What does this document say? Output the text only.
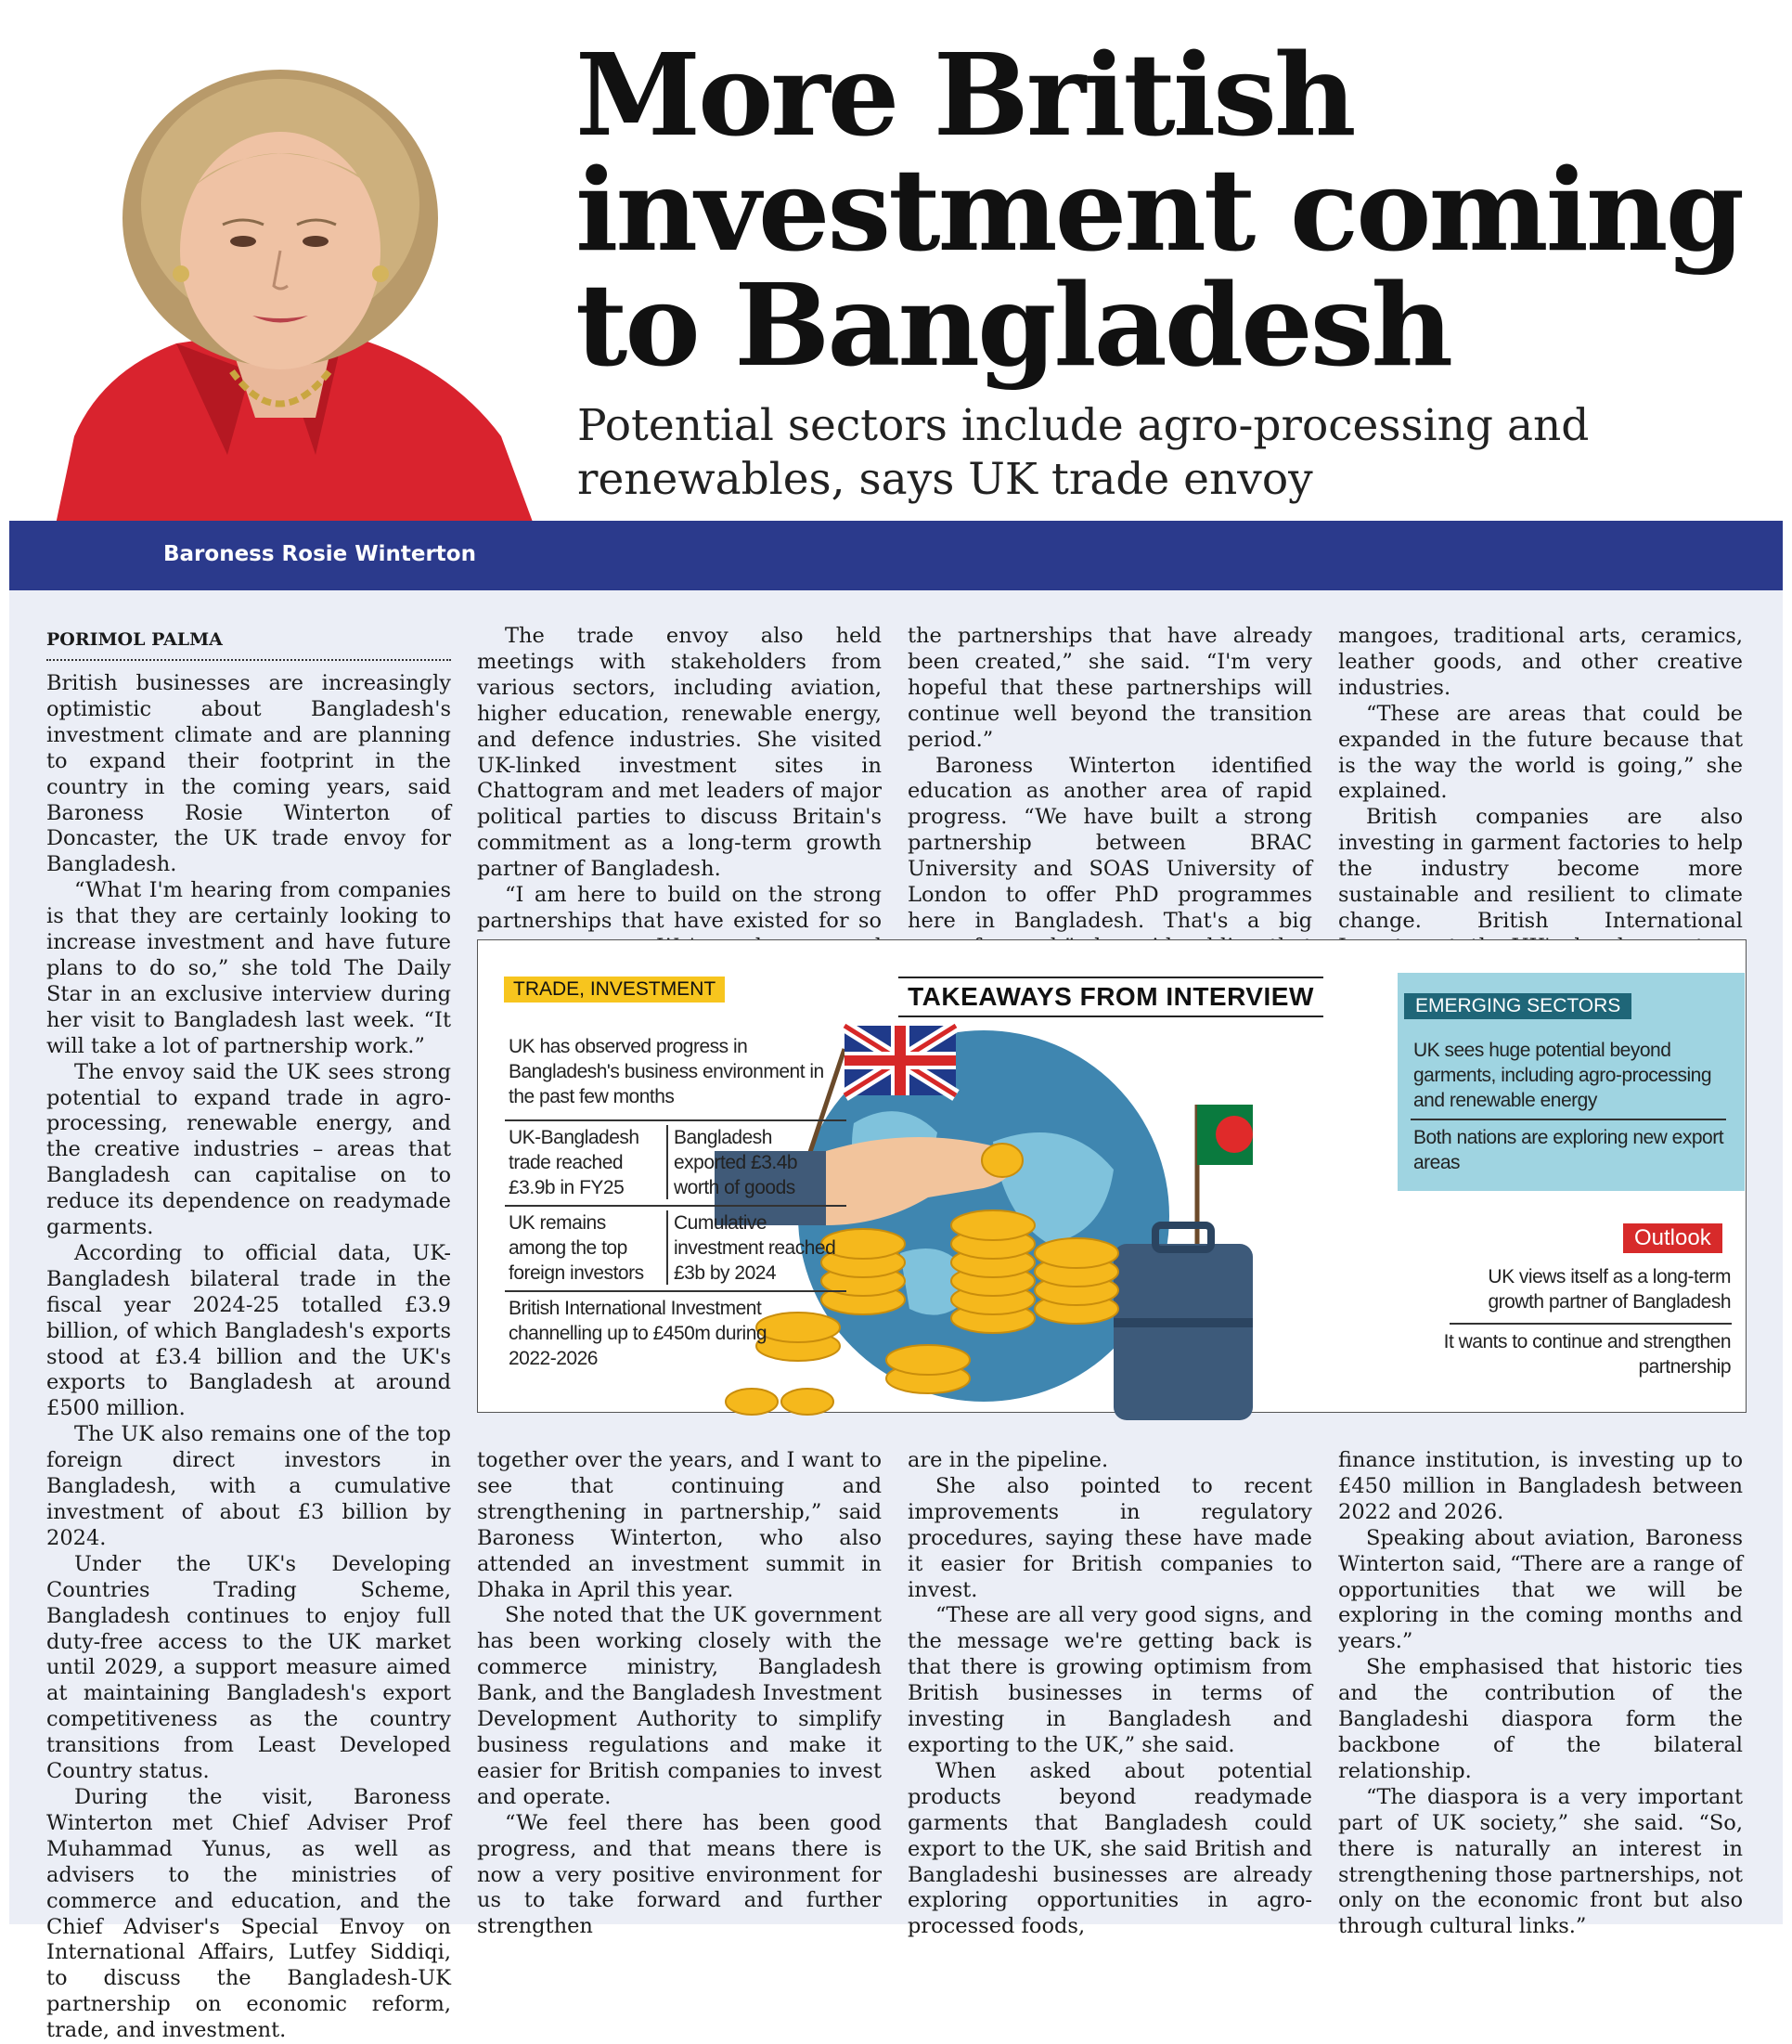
More British investment coming to Bangladesh
Potential sectors include agro-processing and renewables, says UK trade envoy
Baroness Rosie Winterton
PORIMOL PALMA

British businesses are increasingly optimistic about Bangladesh's investment climate and are planning to expand their footprint in the country in the coming years, said Baroness Rosie Winterton of Doncaster, the UK trade envoy for Bangladesh.

“What I'm hearing from companies is that they are certainly looking to increase investment and have future plans to do so,” she told The Daily Star in an exclusive interview during her visit to Bangladesh last week. “It will take a lot of partnership work.”

The envoy said the UK sees strong potential to expand trade in agro-processing, renewable energy, and the creative industries – areas that Bangladesh can capitalise on to reduce its dependence on readymade garments.

According to official data, UK-Bangladesh bilateral trade in the fiscal year 2024-25 totalled £3.9 billion, of which Bangladesh's exports stood at £3.4 billion and the UK's exports to Bangladesh at around £500 million.

The UK also remains one of the top foreign direct investors in Bangladesh, with a cumulative investment of about £3 billion by 2024.

Under the UK's Developing Countries Trading Scheme, Bangladesh continues to enjoy full duty-free access to the UK market until 2029, a support measure aimed at maintaining Bangladesh's export competitiveness as the country transitions from Least Developed Country status.

During the visit, Baroness Winterton met Chief Adviser Prof Muhammad Yunus, as well as advisers to the ministries of commerce and education, and the Chief Adviser's Special Envoy on International Affairs, Lutfey Siddiqi, to discuss the Bangladesh-UK partnership on economic reform, trade, and investment.

The trade envoy also held meetings with stakeholders from various sectors, including aviation, higher education, renewable energy, and defence industries. She visited UK-linked investment sites in Chattogram and met leaders of major political parties to discuss Britain's commitment as a long-term growth partner of Bangladesh.

“I am here to build on the strong partnerships that have existed for so

together over the years, and I want to see that continuing and strengthening in partnership,” said Baroness Winterton, who also attended an investment summit in Dhaka in April this year.

She noted that the UK government has been working closely with the commerce ministry, Bangladesh Bank, and the Bangladesh Investment Development Authority to simplify business regulations and make it easier for British companies to invest and operate.

“We feel there has been good progress, and that means there is now a very positive environment for us to take forward and further strengthen

the partnerships that have already been created,” she said. “I'm very hopeful that these partnerships will continue well beyond the transition period.”

Baroness Winterton identified education as another area of rapid progress. “We have built a strong partnership between BRAC University and SOAS University of London to offer PhD programmes here in Bangladesh. That's a big

are in the pipeline.

She also pointed to recent improvements in regulatory procedures, saying these have made it easier for British companies to invest.

“These are all very good signs, and the message we're getting back is that there is growing optimism from British businesses in terms of investing in Bangladesh and exporting to the UK,” she said.

When asked about potential products beyond readymade garments that Bangladesh could export to the UK, she said British and Bangladeshi businesses are already exploring opportunities in agro-processed foods,

mangoes, traditional arts, ceramics, leather goods, and other creative industries.

“These are areas that could be expanded in the future because that is the way the world is going,” she explained.

British companies are also investing in garment factories to help the industry become more sustainable and resilient to climate change. British International

finance institution, is investing up to £450 million in Bangladesh between 2022 and 2026.

Speaking about aviation, Baroness Winterton said, “There are a range of opportunities that we will be exploring in the coming months and years.”

She emphasised that historic ties and the contribution of the Bangladeshi diaspora form the backbone of the bilateral relationship.

“The diaspora is a very important part of UK society,” she said. “So, there is naturally an interest in strengthening those partnerships, not only on the economic front but also through cultural links.”

TAKEAWAYS FROM INTERVIEW
TRADE, INVESTMENT
UK has observed progress in Bangladesh's business environment in the past few months
UK-Bangladesh trade reached £3.9b in FY25
Bangladesh exported £3.4b worth of goods
UK remains among the top foreign investors
Cumulative investment reached £3b by 2024
British International Investment channelling up to £450m during 2022-2026
EMERGING SECTORS
UK sees huge potential beyond garments, including agro-processing and renewable energy
Both nations are exploring new export areas
Outlook
UK views itself as a long-term growth partner of Bangladesh
It wants to continue and strengthen partnership
